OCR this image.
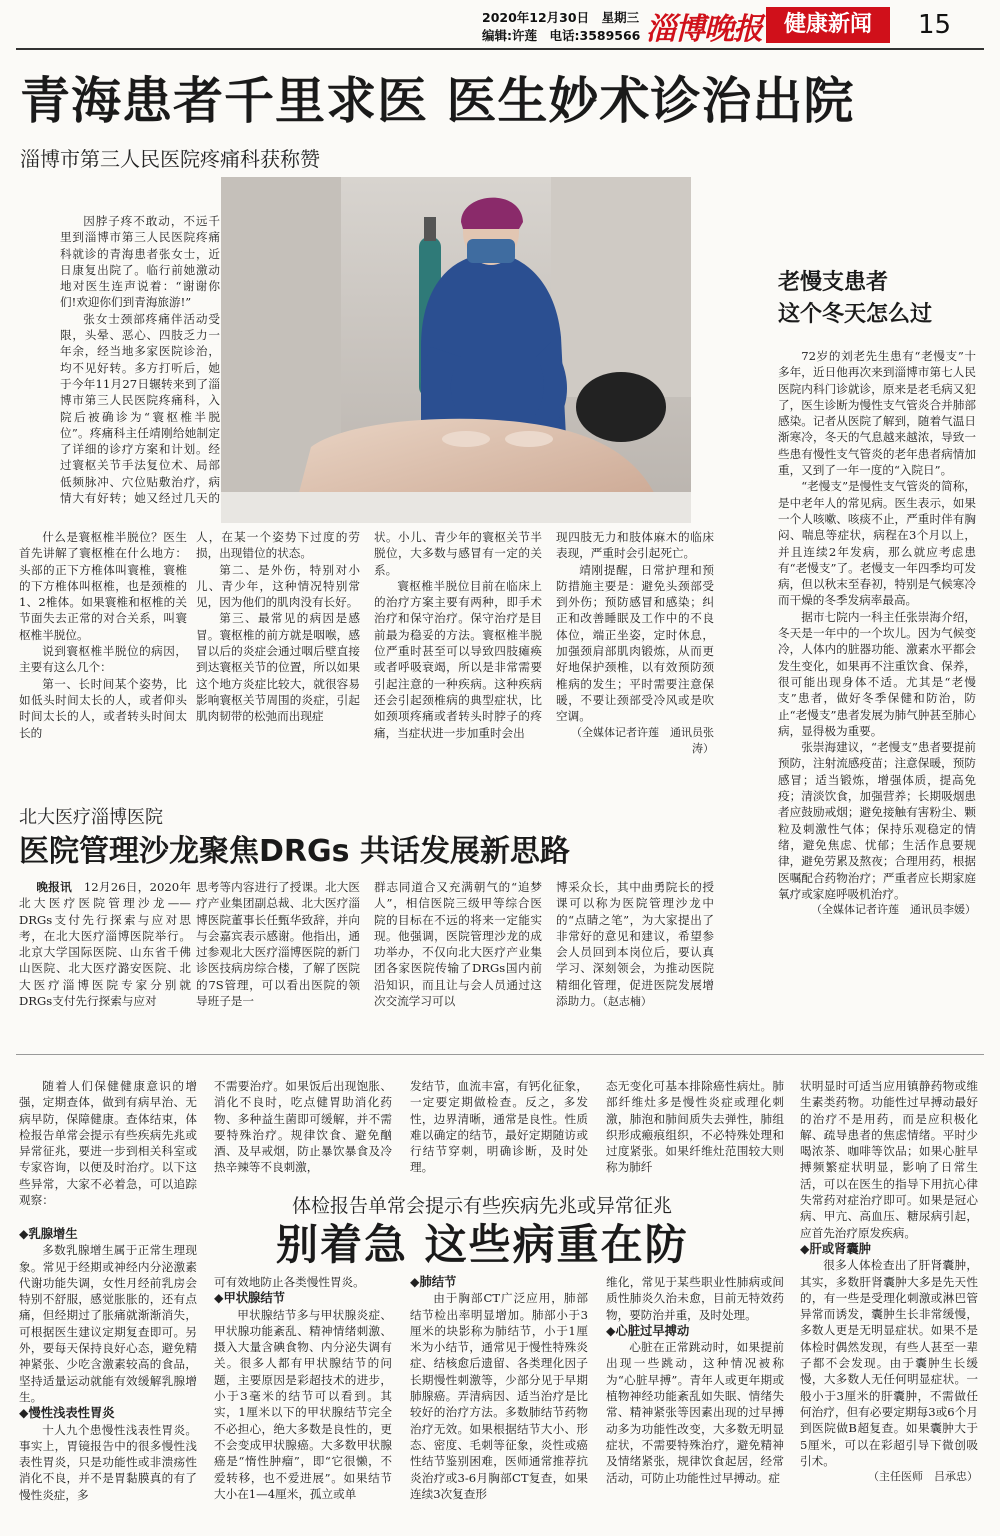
2020年12月30日　星期三
编辑:许莲　电话:3589566 淄博晚报 健康新闻	15
青海患者千里求医 医生妙术诊治出院
淄博市第三人民医院疼痛科获称赞

因脖子疼不敢动，不远千里到淄博市第三人民医院疼痛科就诊的青海患者张女士，近日康复出院了。临行前她激动地对医生连声说着：“谢谢你们!欢迎你们到青海旅游!”

张女士颈部疼痛伴活动受限，头晕、恶心、四肢乏力一年余，经当地多家医院诊治，均不见好转。多方打听后，她于今年11月27日辗转来到了淄博市第三人民医院疼痛科，入院后被确诊为“寰枢椎半脱位”。疼痛科主任靖刚给她制定了详细的诊疗方案和计划。经过寰枢关节手法复位术、局部低频脉冲、穴位贴敷治疗，病情大有好转；她又经过几天的

什么是寰枢椎半脱位？医生首先讲解了寰枢椎在什么地方：头部的正下方椎体叫寰椎，寰椎的下方椎体叫枢椎，也是颈椎的1、2椎体。如果寰椎和枢椎的关节面失去正常的对合关系，叫寰枢椎半脱位。

说到寰枢椎半脱位的病因，主要有这么几个：

第一、长时间某个姿势，比如低头时间太长的人，或者仰头时间太长的人，或者转头时间太长的

人，在某一个姿势下过度的劳损，出现错位的状态。

第二、是外伤，特别对小儿、青少年，这种情况特别常见，因为他们的肌肉没有长好。

第三、最常见的病因是感冒。寰枢椎的前方就是咽喉，感冒以后的炎症会通过咽后壁直接到达寰枢关节的位置，所以如果这个地方炎症比较大，就很容易影响寰枢关节周围的炎症，引起肌肉韧带的松弛而出现症

状。小儿、青少年的寰枢关节半脱位，大多数与感冒有一定的关系。

寰枢椎半脱位目前在临床上的治疗方案主要有两种，即手术治疗和保守治疗。保守治疗是目前最为稳妥的方法。寰枢椎半脱位严重时甚至可以导致四肢瘫痪或者呼吸衰竭，所以是非常需要引起注意的一种疾病。这种疾病还会引起颈椎病的典型症状，比如颈项疼痛或者转头时脖子的疼痛，当症状进一步加重时会出

现四肢无力和肢体麻木的临床表现，严重时会引起死亡。

靖刚提醒，日常护理和预防措施主要是：避免头颈部受到外伤；预防感冒和感染；纠正和改善睡眠及工作中的不良体位，端正坐姿，定时休息，加强颈肩部肌肉锻炼，从而更好地保护颈椎，以有效预防颈椎病的发生；平时需要注意保暖，不要让颈部受冷风或是吹空调。

（全媒体记者许莲　通讯员张涛）

老慢支患者
这个冬天怎么过

72岁的刘老先生患有“老慢支”十多年，近日他再次来到淄博市第七人民医院内科门诊就诊，原来是老毛病又犯了，医生诊断为慢性支气管炎合并肺部感染。记者从医院了解到，随着气温日渐寒冷，冬天的气息越来越浓，导致一些患有慢性支气管炎的老年患者病情加重，又到了一年一度的“入院日”。

“老慢支”是慢性支气管炎的简称，是中老年人的常见病。医生表示，如果一个人咳嗽、咳痰不止，严重时伴有胸闷、喘息等症状，病程在3个月以上，并且连续2年发病，那么就应考虑患有“老慢支”了。老慢支一年四季均可发病，但以秋末至春初，特别是气候寒冷而干燥的冬季发病率最高。

据市七院内一科主任张崇海介绍，冬天是一年中的一个坎儿。因为气候变冷，人体内的脏器功能、激素水平都会发生变化，如果再不注重饮食、保养，很可能出现身体不适。尤其是“老慢支”患者，做好冬季保健和防治，防止“老慢支”患者发展为肺气肿甚至肺心病，显得极为重要。

张崇海建议，“老慢支”患者要提前预防，注射流感疫苗；注意保暖，预防感冒；适当锻炼，增强体质，提高免疫；清淡饮食，加强营养；长期吸烟患者应鼓励戒烟；避免接触有害粉尘、颗粒及刺激性气体；保持乐观稳定的情绪，避免焦虑、忧郁；生活作息要规律，避免劳累及熬夜；合理用药，根据医嘱配合药物治疗；严重者应长期家庭氧疗或家庭呼吸机治疗。

（全媒体记者许莲　通讯员李媛）

北大医疗淄博医院
医院管理沙龙聚焦DRGs 共话发展新思路

晚报讯　 12月26日，2020年北大医疗医院管理沙龙——DRGs支付先行探索与应对思考，在北大医疗淄博医院举行。北京大学国际医院、山东省千佛山医院、北大医疗潞安医院、北大医疗淄博医院专家分别就DRGs支付先行探索与应对

思考等内容进行了授课。北大医疗产业集团副总裁、北大医疗淄博医院董事长任甄华致辞，并向与会嘉宾表示感谢。他指出，通过参观北大医疗淄博医院的新门诊医技病房综合楼，了解了医院的7S管理，可以看出医院的领导班子是一

群志同道合又充满朝气的“追梦人”，相信医院三级甲等综合医院的目标在不远的将来一定能实现。他强调，医院管理沙龙的成功举办，不仅向北大医疗产业集团各家医院传输了DRGs国内前沿知识，而且让与会人员通过这次交流学习可以

博采众长，其中曲勇院长的授课可以称为医院管理沙龙中的“点睛之笔”，为大家提出了非常好的意见和建议，希望参会人员回到本岗位后，要认真学习、深刻领会，为推动医院精细化管理，促进医院发展增添助力。（赵志楠）

随着人们保健健康意识的增强，定期查体，做到有病早治、无病早防，保障健康。查体结束，体检报告单常会提示有些疾病先兆或异常征兆，要进一步到相关科室或专家咨询，以便及时治疗。以下这些异常，大家不必着急，可以追踪观察：

不需要治疗。如果饭后出现饱胀、消化不良时，吃点健胃助消化药物、多种益生菌即可缓解，并不需要特殊治疗。规律饮食、避免酗酒、及早戒烟，防止暴饮暴食及冷热辛辣等不良刺激，

发结节，血流丰富，有钙化征象，一定要定期做检查。反之，多发性，边界清晰，通常是良性。性质难以确定的结节，最好定期随访或行结节穿刺，明确诊断，及时处理。

态无变化可基本排除癌性病灶。肺部纤维灶多是慢性炎症或理化刺激，肺泡和肺间质失去弹性，肺组织形成瘢痕组织，不必特殊处理和过度紧张。如果纤维灶范围较大则称为肺纤

体检报告单常会提示有些疾病先兆或异常征兆
别着急 这些病重在防

◆乳腺增生

多数乳腺增生属于正常生理现象。常见于经期或神经内分泌激素代谢功能失调，女性月经前乳房会特别不舒服，感觉胀胀的，还有点痛，但经期过了胀痛就渐渐消失，可根据医生建议定期复查即可。另外，要每天保持良好心态，避免精神紧张、少吃含激素较高的食品，坚持适量运动就能有效缓解乳腺增生。

◆慢性浅表性胃炎

十人九个患慢性浅表性胃炎。事实上，胃镜报告中的很多慢性浅表性胃炎，只是功能性或非溃疡性消化不良，并不是胃黏膜真的有了慢性炎症，多

可有效地防止各类慢性胃炎。

◆甲状腺结节

甲状腺结节多与甲状腺炎症、甲状腺功能紊乱、精神情绪刺激、摄入大量含碘食物、内分泌失调有关。很多人都有甲状腺结节的问题，主要原因是彩超技术的进步，小于3毫米的结节可以看到。其实，1厘米以下的甲状腺结节完全不必担心，绝大多数是良性的，更不会变成甲状腺癌。大多数甲状腺癌是“惰性肿瘤”，即“它很懒，不爱转移，也不爱进展”。如果结节大小在1—4厘米，孤立或单

◆肺结节

由于胸部CT广泛应用，肺部结节检出率明显增加。肺部小于3厘米的块影称为肺结节，小于1厘米为小结节，通常见于慢性特殊炎症、结核愈后遗留、各类理化因子长期慢性刺激等，少部分见于早期肺腺癌。弄清病因、适当治疗是比较好的治疗方法。多数肺结节药物治疗无效。如果根据结节大小、形态、密度、毛刺等征象，炎性或癌性结节鉴别困难，医师通常推荐抗炎治疗或3-6月胸部CT复查，如果连续3次复查形

维化，常见于某些职业性肺病或间质性肺炎久治未愈，目前无特效药物，要防治并重，及时处理。

◆心脏过早搏动

心脏在正常跳动时，如果提前出现一些跳动，这种情况被称为“心脏早搏”。青年人或更年期或植物神经功能紊乱如失眠、情绪失常、精神紧张等因素出现的过早搏动多为功能性改变，大多数无明显症状，不需要特殊治疗，避免精神及情绪紧张，规律饮食起居，经常活动，可防止功能性过早搏动。症

状明显时可适当应用镇静药物或维生素类药物。功能性过早搏动最好的治疗不是用药，而是应积极化解、疏导患者的焦虑情绪。平时少喝浓茶、咖啡等饮品；如果心脏早搏频繁症状明显，影响了日常生活，可以在医生的指导下用抗心律失常药对症治疗即可。如果是冠心病、甲亢、高血压、糖尿病引起，应首先治疗原发疾病。

◆肝或肾囊肿

很多人体检查出了肝肾囊肿，其实，多数肝肾囊肿大多是先天性的，有一些是受理化刺激或淋巴管异常而诱发，囊肿生长非常缓慢，多数人更是无明显症状。如果不是体检时偶然发现，有些人甚至一辈子都不会发现。由于囊肿生长缓慢，大多数人无任何明显症状。一般小于3厘米的肝囊肿，不需做任何治疗，但有必要定期每3或6个月到医院做B超复查。如果囊肿大于5厘米，可以在彩超引导下微创吸引术。

（主任医师　吕承忠）
